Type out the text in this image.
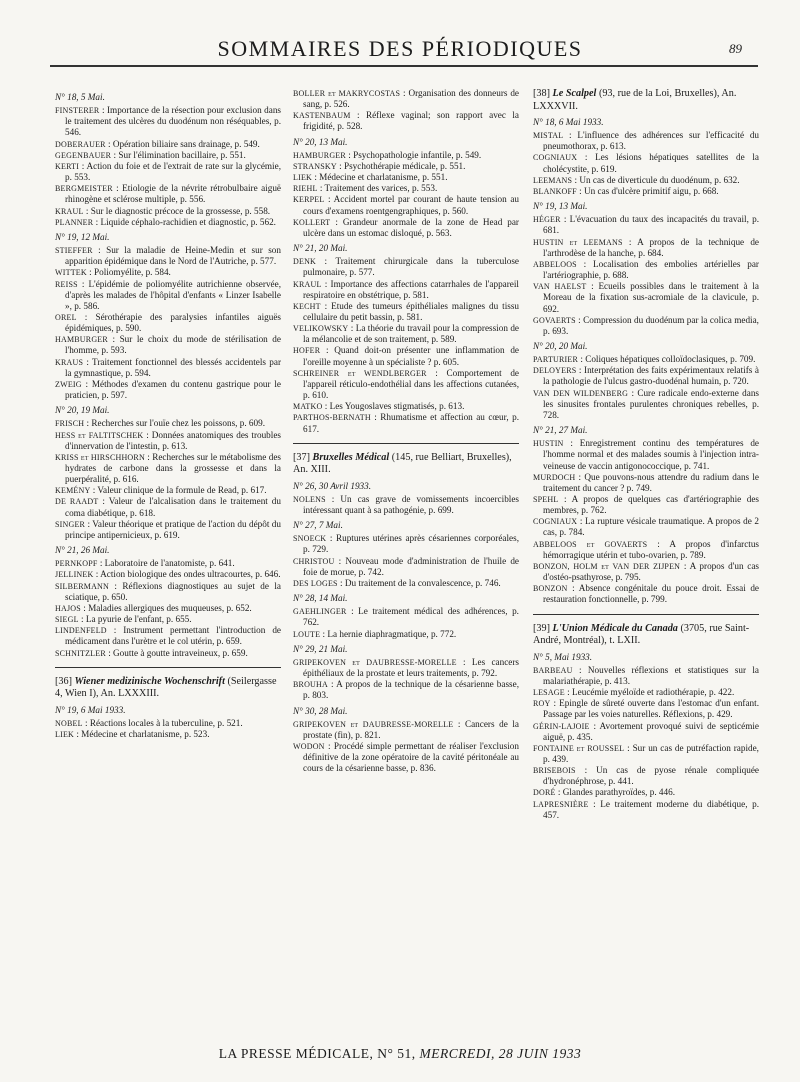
SOMMAIRES DES PÉRIODIQUES	89
N° 18, 5 Mai.
FINSTERER : Importance de la résection pour exclusion dans le traitement des ulcères du duodénum non réséquables, p. 546.
DOBERAUER : Opération biliaire sans drainage, p. 549.
GEGENBAUER : Sur l'élimination bacillaire, p. 551.
KERTI : Action du foie et de l'extrait de rate sur la glycémie, p. 553.
BERGMEISTER : Etiologie de la névrite rétrobulbaire aiguë rhinogène et sclérose multiple, p. 556.
KRAUL : Sur le diagnostic précoce de la grossesse, p. 558.
PLANNER : Liquide céphalo-rachidien et diagnostic, p. 562.
N° 19, 12 Mai.
STIEFFER : Sur la maladie de Heine-Medin et sur son apparition épidémique dans le Nord de l'Autriche, p. 577.
WITTEK : Poliomyélite, p. 584.
REISS : L'épidémie de poliomyélite autrichienne observée, d'après les malades de l'hôpital d'enfants « Linzer Isabelle », p. 586.
OREL : Sérothérapie des paralysies infantiles aiguës épidémiques, p. 590.
HAMBURGER : Sur le choix du mode de stérilisation de l'homme, p. 593.
KRAUS : Traitement fonctionnel des blessés accidentels par la gymnastique, p. 594.
ZWEIG : Méthodes d'examen du contenu gastrique pour le praticien, p. 597.
N° 20, 19 Mai.
FRISCH : Recherches sur l'ouïe chez les poissons, p. 609.
HESS et FALTITSCHEK : Données anatomiques des troubles d'innervation de l'intestin, p. 613.
KRISS et HIRSCHHORN : Recherches sur le métabolisme des hydrates de carbone dans la grossesse et dans la puerpéralité, p. 616.
KEMÉNY : Valeur clinique de la formule de Read, p. 617.
DE RAADT : Valeur de l'alcalisation dans le traitement du coma diabétique, p. 618.
SINGER : Valeur théorique et pratique de l'action du dépôt du principe antipernicieux, p. 619.
N° 21, 26 Mai.
PERNKOPF : Laboratoire de l'anatomiste, p. 641.
JELLINEK : Action biologique des ondes ultracourtes, p. 646.
SILBERMANN : Réflexions diagnostiques au sujet de la sciatique, p. 650.
HAJOS : Maladies allergiques des muqueuses, p. 652.
SIEGL : La pyurie de l'enfant, p. 655.
LINDENFELD : Instrument permettant l'introduction de médicament dans l'urètre et le col utérin, p. 659.
SCHNITZLER : Goutte à goutte intraveineux, p. 659.
[36] Wiener medizinische Wochenschrift (Seilergasse 4, Wien I), An. LXXXIII.
N° 19, 6 Mai 1933.
NOBEL : Réactions locales à la tuberculine, p. 521.
LIEK : Médecine et charlatanisme, p. 523.
BOLLER et MAKRYCOSTAS : Organisation des donneurs de sang, p. 526.
KASTENBAUM : Réflexe vaginal; son rapport avec la frigidité, p. 528.
N° 20, 13 Mai.
HAMBURGER : Psychopathologie infantile, p. 549.
STRANSKY : Psychothérapie médicale, p. 551.
LIEK : Médecine et charlatanisme, p. 551.
RIEHL : Traitement des varices, p. 553.
KERPEL : Accident mortel par courant de haute tension au cours d'examens roentgengraphiques, p. 560.
KOLLERT : Grandeur anormale de la zone de Head par ulcère dans un estomac disloqué, p. 563.
N° 21, 20 Mai.
DENK : Traitement chirurgicale dans la tuberculose pulmonaire, p. 577.
KRAUL : Importance des affections catarrhales de l'appareil respiratoire en obstétrique, p. 581.
KECHT : Etude des tumeurs épithéliales malignes du tissu cellulaire du petit bassin, p. 581.
VELIKOWSKY : La théorie du travail pour la compression de la mélancolie et de son traitement, p. 589.
HOFER : Quand doit-on présenter une inflammation de l'oreille moyenne à un spécialiste ? p. 605.
SCHREINER et WENDLBERGER : Comportement de l'appareil réticulo-endothélial dans les affections cutanées, p. 610.
MATKO : Les Yougoslaves stigmatisés, p. 613.
PARTHOS-BERNATH : Rhumatisme et affection au cœur, p. 617.
[37] Bruxelles Médical (145, rue Belliart, Bruxelles), An. XIII.
N° 26, 30 Avril 1933.
NOLENS : Un cas grave de vomissements incoercibles intéressant quant à sa pathogénie, p. 699.
N° 27, 7 Mai.
SNOECK : Ruptures utérines après césariennes corporéales, p. 729.
CHRISTOU : Nouveau mode d'administration de l'huile de foie de morue, p. 742.
DES LOGES : Du traitement de la convalescence, p. 746.
N° 28, 14 Mai.
GAEHLINGER : Le traitement médical des adhérences, p. 762.
LOUTE : La hernie diaphragmatique, p. 772.
N° 29, 21 Mai.
GRIPEKOVEN et DAUBRESSE-MORELLE : Les cancers épithéliaux de la prostate et leurs traitements, p. 792.
BROUHA : A propos de la technique de la césarienne basse, p. 803.
N° 30, 28 Mai.
GRIPEKOVEN et DAUBRESSE-MORELLE : Cancers de la prostate (fin), p. 821.
WODON : Procédé simple permettant de réaliser l'exclusion définitive de la zone opératoire de la cavité péritonéale au cours de la césarienne basse, p. 836.
[38] Le Scalpel (93, rue de la Loi, Bruxelles), An. LXXXVII.
N° 18, 6 Mai 1933.
MISTAL : L'influence des adhérences sur l'efficacité du pneumothorax, p. 613.
COGNIAUX : Les lésions hépatiques satellites de la cholécystite, p. 619.
LEEMANS : Un cas de diverticule du duodénum, p. 632.
BLANKOFF : Un cas d'ulcère primitif aigu, p. 668.
N° 19, 13 Mai.
HÉGER : L'évacuation du taux des incapacités du travail, p. 681.
HUSTIN et LEEMANS : A propos de la technique de l'arthrodèse de la hanche, p. 684.
ABBELOOS : Localisation des embolies artérielles par l'artériographie, p. 688.
VAN HAELST : Ecueils possibles dans le traitement à la Moreau de la fixation sus-acromiale de la clavicule, p. 692.
GOVAERTS : Compression du duodénum par la colica media, p. 693.
N° 20, 20 Mai.
PARTURIER : Coliques hépatiques colloïdoclasiques, p. 709.
DELOYERS : Interprétation des faits expérimentaux relatifs à la pathologie de l'ulcus gastro-duodénal humain, p. 720.
VAN DEN WILDENBERG : Cure radicale endo-externe dans les sinusites frontales purulentes chroniques rebelles, p. 728.
N° 21, 27 Mai.
HUSTIN : Enregistrement continu des températures de l'homme normal et des malades soumis à l'injection intra-veineuse de vaccin antigonococcique, p. 741.
MURDOCH : Que pouvons-nous attendre du radium dans le traitement du cancer ? p. 749.
SPEHL : A propos de quelques cas d'artériographie des membres, p. 762.
COGNIAUX : La rupture vésicale traumatique. A propos de 2 cas, p. 784.
ABBELOOS et GOVAERTS : A propos d'infarctus hémorragique utérin et tubo-ovarien, p. 789.
BONZON, HOLM et VAN DER ZIJPEN : A propos d'un cas d'ostéo-psathyrose, p. 795.
BONZON : Absence congénitale du pouce droit. Essai de restauration fonctionnelle, p. 799.
[39] L'Union Médicale du Canada (3705, rue Saint-André, Montréal), t. LXII.
N° 5, Mai 1933.
BARBEAU : Nouvelles réflexions et statistiques sur la malariathérapie, p. 413.
LESAGE : Leucémie myéloïde et radiothérapie, p. 422.
ROY : Epingle de sûreté ouverte dans l'estomac d'un enfant. Passage par les voies naturelles. Réflexions, p. 429.
GÉRIN-LAJOIE : Avortement provoqué suivi de septicémie aiguë, p. 435.
FONTAINE et ROUSSEL : Sur un cas de putréfaction rapide, p. 439.
BRISEBOIS : Un cas de pyose rénale compliquée d'hydronéphrose, p. 441.
DORÉ : Glandes parathyroïdes, p. 446.
LAPRESNIÈRE : Le traitement moderne du diabétique, p. 457.
LA PRESSE MÉDICALE, N° 51, MERCREDI, 28 JUIN 1933
